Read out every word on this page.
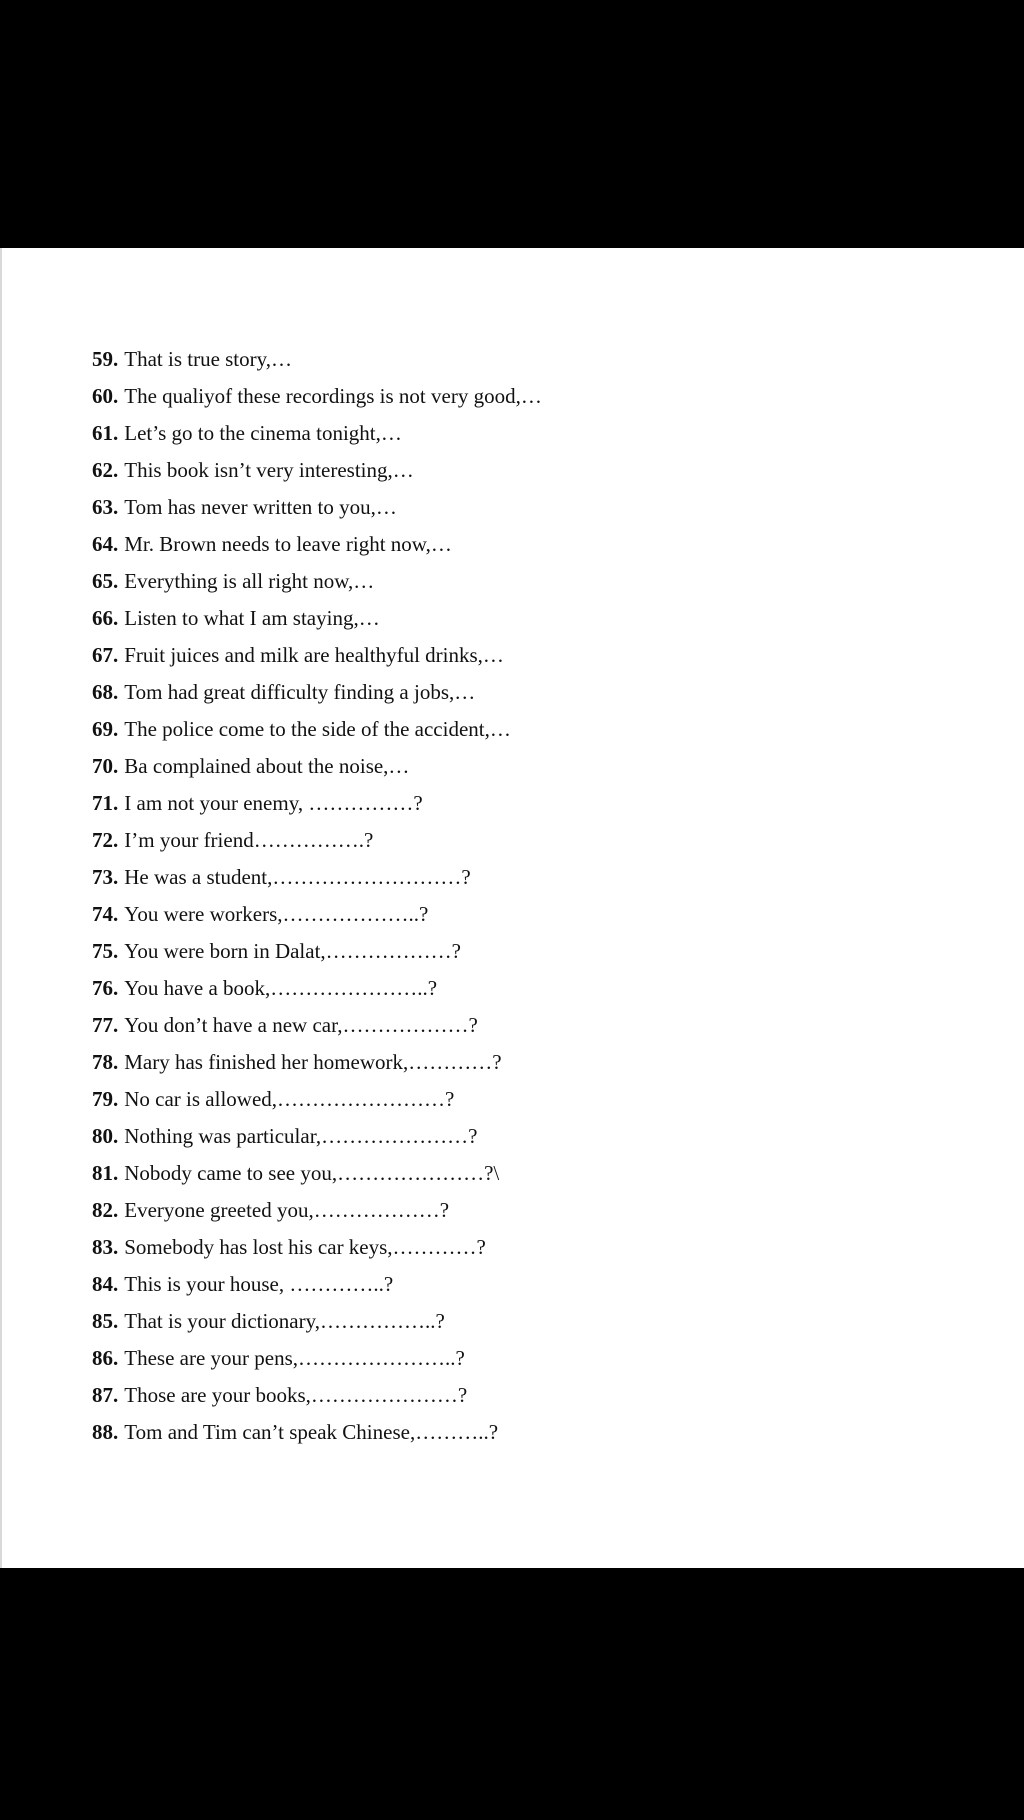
59. That is true story,…
60. The qualiyof these recordings is not very good,…
61. Let’s go to the cinema tonight,…
62. This book isn’t very interesting,…
63. Tom has never written to you,…
64. Mr. Brown needs to leave right now,…
65. Everything is all right now,…
66. Listen to what I am staying,…
67. Fruit juices and milk are healthyful drinks,…
68. Tom had great difficulty finding a jobs,…
69. The police come to the side of the accident,…
70. Ba complained about the noise,…
71. I am not your enemy, ……………?
72. I’m your friend…………….?
73. He was a student,………………………?
74. You were workers,………………..?
75. You were born in Dalat,………………?
76. You have a book,…………………..?
77. You don’t have a new car,………………?
78. Mary has finished her homework,…………?
79. No car is allowed,……………………?
80. Nothing was particular,…………………?
81. Nobody came to see you,…………………?\
82. Everyone greeted you,………………?
83. Somebody has lost his car keys,…………?
84. This is your house, …………..?
85. That is your dictionary,……………..?
86. These are your pens,…………………..?
87. Those are your books,…………………?
88. Tom and Tim can’t speak Chinese,………..?
